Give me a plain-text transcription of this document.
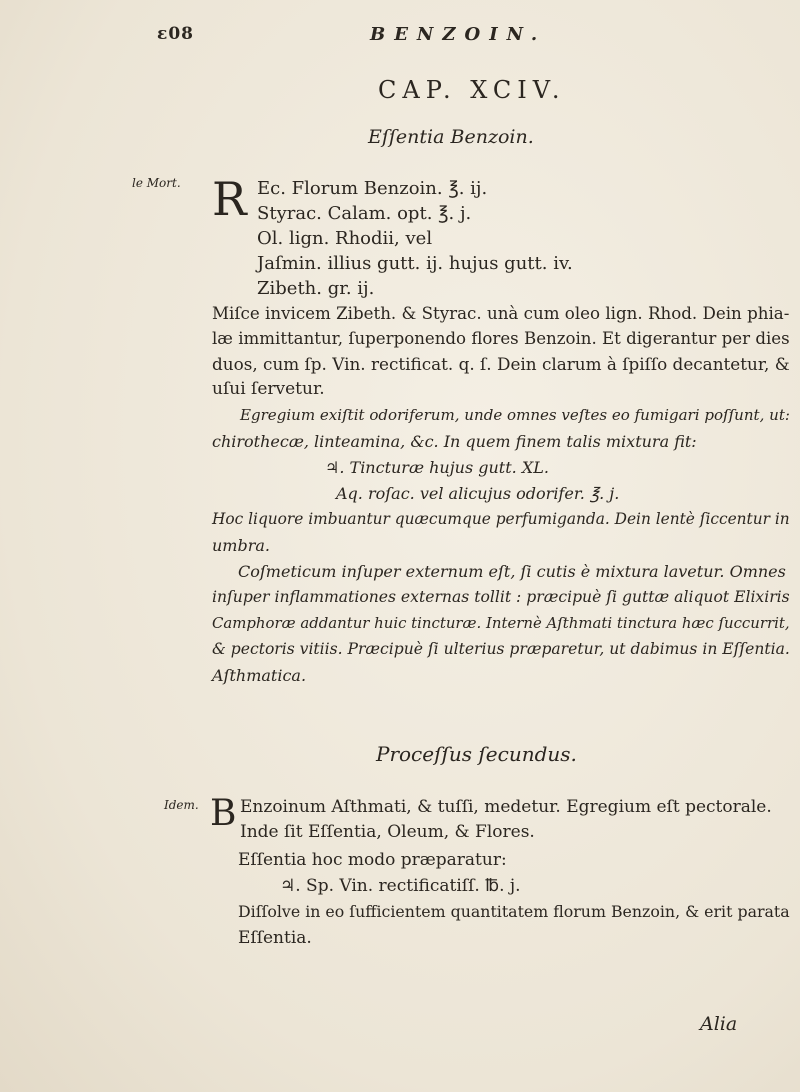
ε08	BENZOIN.
CAP. XCIV.
Eſſentia Benzoin.
le Mort. R Ec. Florum Benzoin. ℥. ij.
Styrac. Calam. opt. ℥. j.
Ol. lign. Rhodii, vel
Jaſmin. illius gutt. ij. hujus gutt. iv.
Zibeth. gr. ij.
Miſce invicem Zibeth. & Styrac. unà cum oleo lign. Rhod. Dein phia-
læ immittantur, ſuperponendo flores Benzoin. Et digerantur per dies
duos, cum ſp. Vin. rectificat. q. ſ. Dein clarum à ſpiſſo decantetur, &
uſui ſervetur.
Egregium exiſtit odoriferum, unde omnes veſtes eo fumigari poſſunt, ut:
chirothecæ, linteamina, &c. In quem finem talis mixtura fit:
♃. Tincturæ hujus gutt. XL.
Aq. roſac. vel alicujus odorifer. ℥. j.
Hoc liquore imbuantur quæcumque perfumiganda. Dein lentè ſiccentur in
umbra.
Coſmeticum inſuper externum eſt, ſi cutis è mixtura lavetur. Omnes
inſuper inflammationes externas tollit : præcipuè ſi guttæ aliquot Elixiris
Camphoræ addantur huic tincturæ. Internè Aſthmati tinctura hæc ſuccurrit,
& pectoris vitiis. Præcipuè ſi ulterius præparetur, ut dabimus in Eſſentia.
Aſthmatica.
Proceſſus ſecundus.
Idem. B Enzoinum Aſthmati, & tuſſi, medetur. Egregium eſt pectorale.
Inde ſit Eſſentia, Oleum, & Flores.
Eſſentia hoc modo præparatur:
♃. Sp. Vin. rectificatiſſ. ℔. j.
Diſſolve in eo ſufficientem quantitatem florum Benzoin, & erit parata
Eſſentia.
Alia
